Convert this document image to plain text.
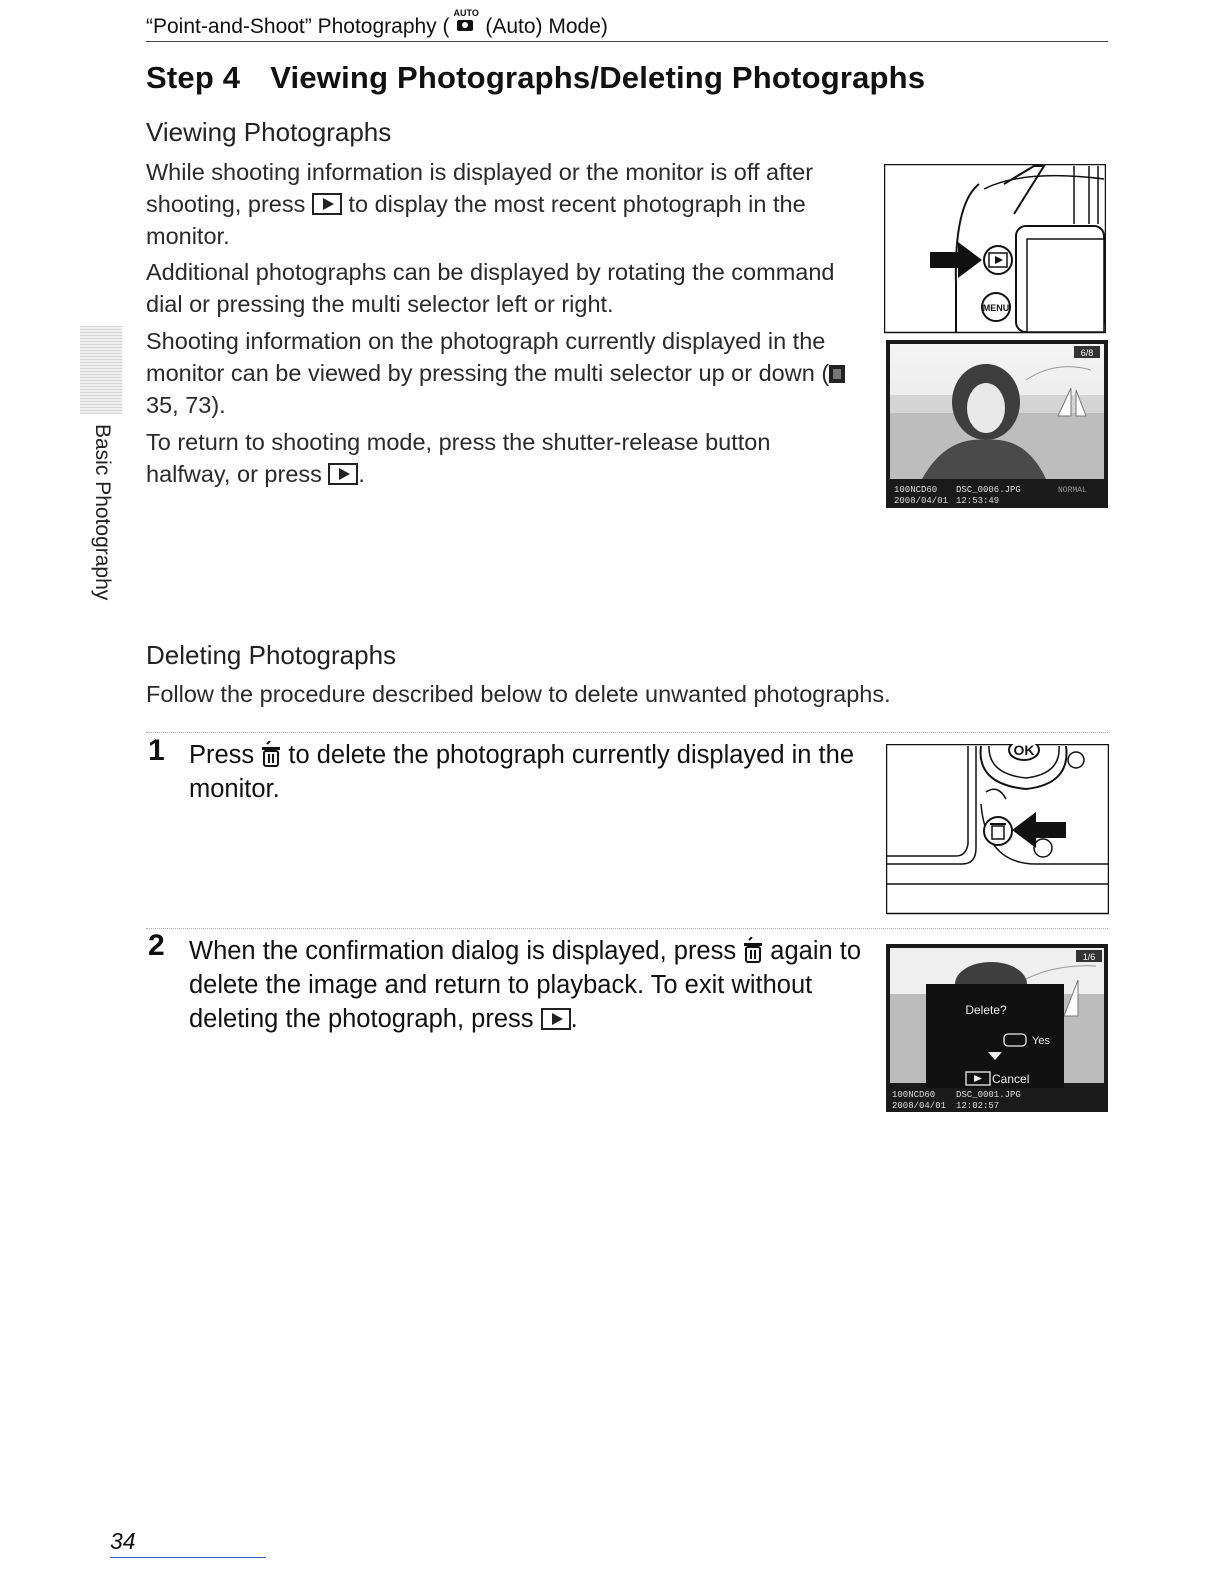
“Point-and-Shoot” Photography (
AUTO
(Auto) Mode)
Step 4 Viewing Photographs/Deleting Photographs
Viewing Photographs

While shooting information is displayed or the monitor is off after shooting, press  to display the most recent photograph in the monitor.

Additional photographs can be displayed by rotating the command dial or pressing the multi selector left or right.

Shooting information on the photograph currently displayed in the monitor can be viewed by pressing the multi selector up or down ( 35, 73).

To return to shooting mode, press the shutter-release button halfway, or press .

Basic Photography
MENU
6/8
100NCD60 DSC_0006.JPG	NORMAL
2008/04/01 12:53:49
Deleting Photographs

Follow the procedure described below to delete unwanted photographs.

1 Press  to delete the photograph currently displayed in the monitor.
OK
2 When the confirmation dialog is displayed, press  again to delete the image and return to playback. To exit without deleting the photograph, press .	Delete?
Yes
Cancel
1/6
100NCD60 DSC_0001.JPG
2008/04/01 12:02:57
34
